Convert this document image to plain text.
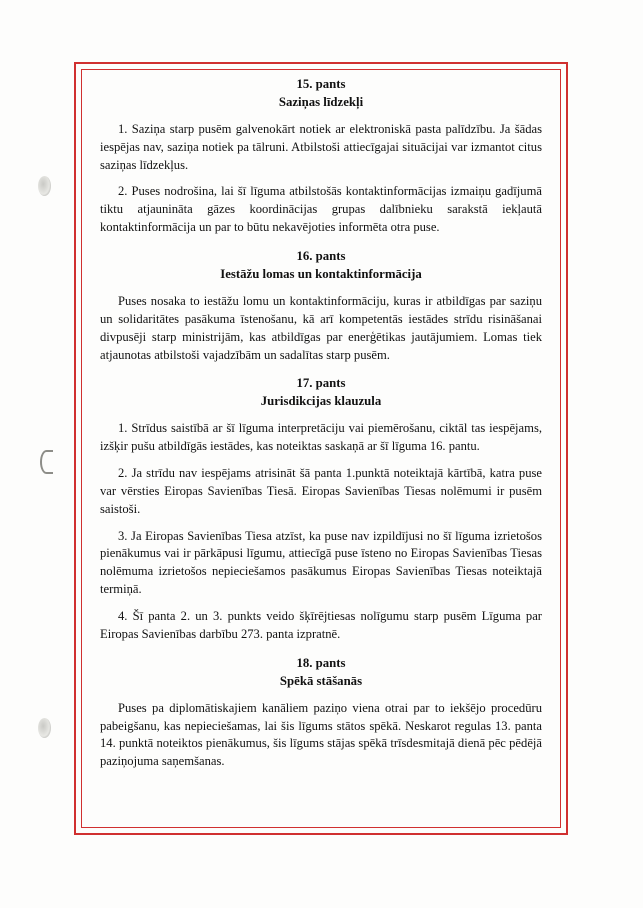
15. pants
Saziņas līdzekļi

1. Saziņa starp pusēm galvenokārt notiek ar elektroniskā pasta palīdzību. Ja šādas iespējas nav, saziņa notiek pa tālruni. Atbilstoši attiecīgajai situācijai var izmantot citus saziņas līdzekļus.

2. Puses nodrošina, lai šī līguma atbilstošās kontaktinformācijas izmaiņu gadījumā tiktu atjaunināta gāzes koordinācijas grupas dalībnieku sarakstā iekļautā kontaktinformācija un par to būtu nekavējoties informēta otra puse.

16. pants
Iestāžu lomas un kontaktinformācija

Puses nosaka to iestāžu lomu un kontaktinformāciju, kuras ir atbildīgas par saziņu un solidaritātes pasākuma īstenošanu, kā arī kompetentās iestādes strīdu risināšanai divpusēji starp ministrijām, kas atbildīgas par enerģētikas jautājumiem. Lomas tiek atjaunotas atbilstoši vajadzībām un sadalītas starp pusēm.

17. pants
Jurisdikcijas klauzula

1. Strīdus saistībā ar šī līguma interpretāciju vai piemērošanu, ciktāl tas iespējams, izšķir pušu atbildīgās iestādes, kas noteiktas saskaņā ar šī līguma 16. pantu.

2. Ja strīdu nav iespējams atrisināt šā panta 1.punktā noteiktajā kārtībā, katra puse var vērsties Eiropas Savienības Tiesā. Eiropas Savienības Tiesas nolēmumi ir pusēm saistoši.

3. Ja Eiropas Savienības Tiesa atzīst, ka puse nav izpildījusi no šī līguma izrietošos pienākumus vai ir pārkāpusi līgumu, attiecīgā puse īsteno no Eiropas Savienības Tiesas nolēmuma izrietošos nepieciešamos pasākumus Eiropas Savienības Tiesas noteiktajā termiņā.

4. Šī panta 2. un 3. punkts veido šķīrējtiesas nolīgumu starp pusēm Līguma par Eiropas Savienības darbību 273. panta izpratnē.

18. pants
Spēkā stāšanās

Puses pa diplomātiskajiem kanāliem paziņo viena otrai par to iekšējo procedūru pabeigšanu, kas nepieciešamas, lai šis līgums stātos spēkā. Neskarot regulas 13. panta 14. punktā noteiktos pienākumus, šis līgums stājas spēkā trīsdesmitajā dienā pēc pēdējā paziņojuma saņemšanas.
